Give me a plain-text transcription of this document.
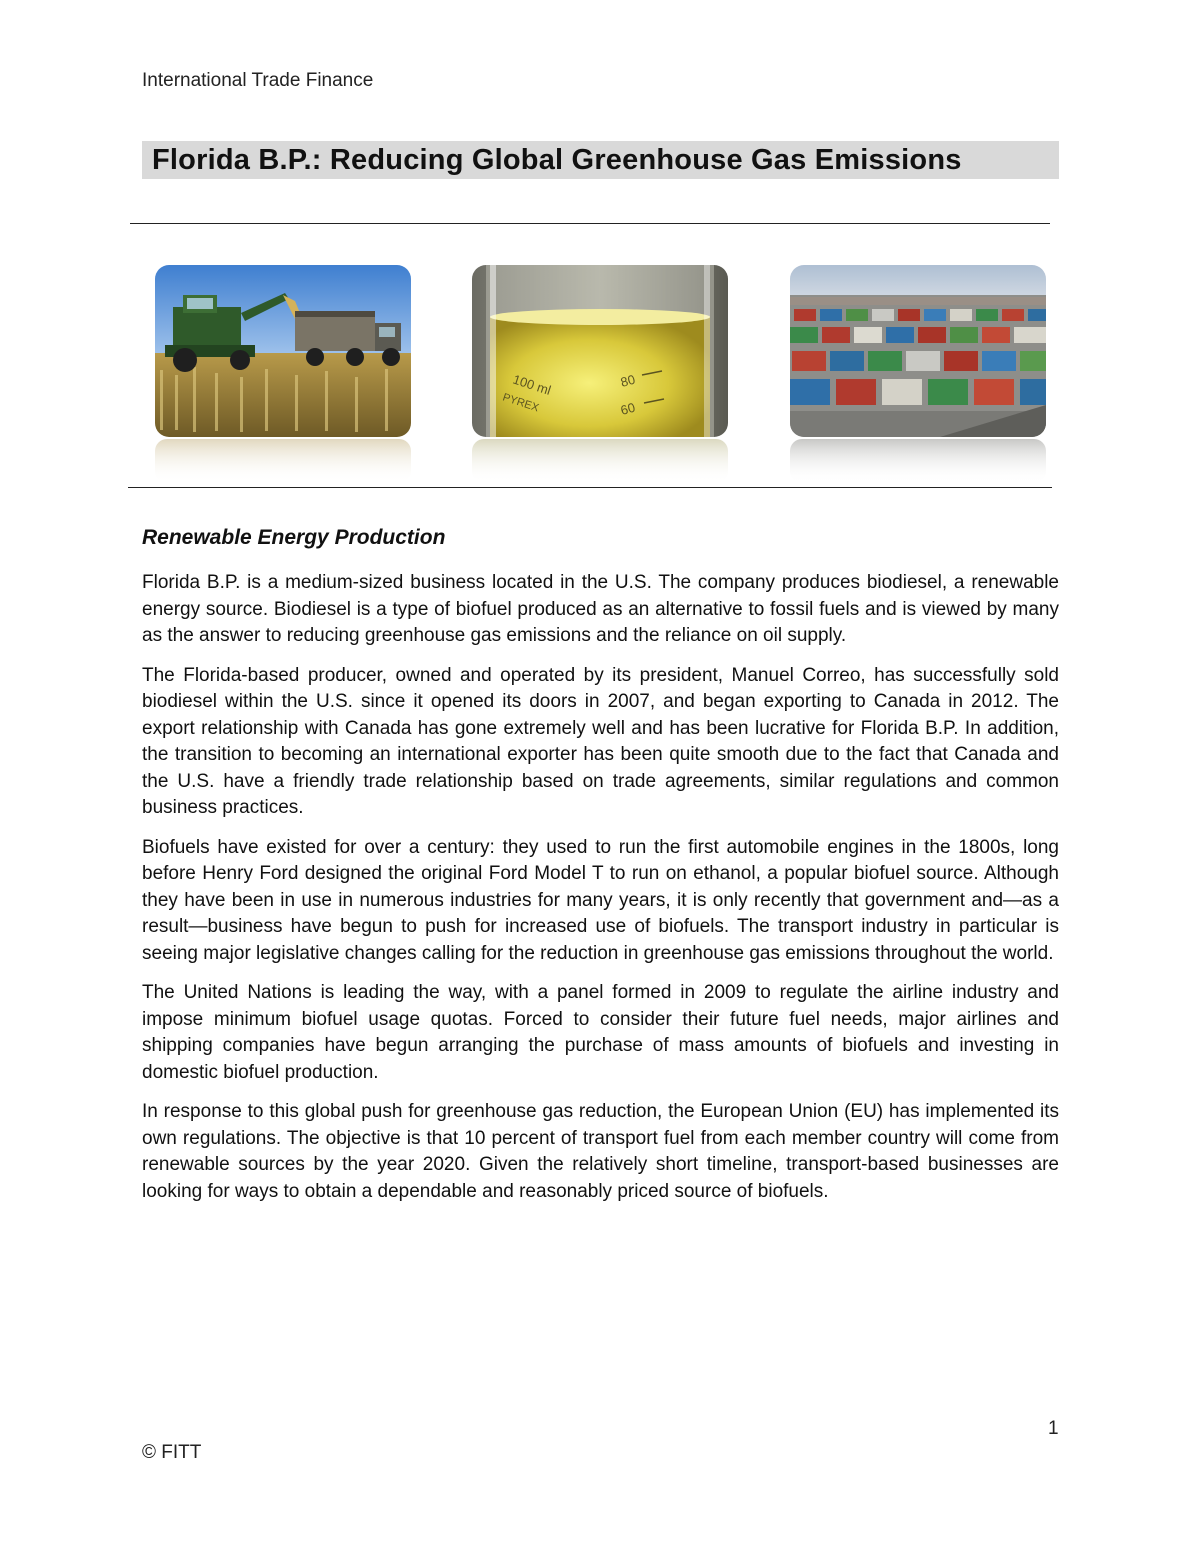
International Trade Finance
Florida B.P.: Reducing Global Greenhouse Gas Emissions
100 ml
PYREX
80
60
Renewable Energy Production

Florida B.P. is a medium-sized business located in the U.S. The company produces biodiesel, a renewable energy source. Biodiesel is a type of biofuel produced as an alternative to fossil fuels and is viewed by many as the answer to reducing greenhouse gas emissions and the reliance on oil supply.

The Florida-based producer, owned and operated by its president, Manuel Correo, has successfully sold biodiesel within the U.S. since it opened its doors in 2007, and began exporting to Canada in 2012. The export relationship with Canada has gone extremely well and has been lucrative for Florida B.P. In addition, the transition to becoming an international exporter has been quite smooth due to the fact that Canada and the U.S. have a friendly trade relationship based on trade agreements, similar regulations and common business practices.

Biofuels have existed for over a century: they used to run the first automobile engines in the 1800s, long before Henry Ford designed the original Ford Model T to run on ethanol, a popular biofuel source. Although they have been in use in numerous industries for many years, it is only recently that government and—as a result—business have begun to push for increased use of biofuels. The transport industry in particular is seeing major legislative changes calling for the reduction in greenhouse gas emissions throughout the world.

The United Nations is leading the way, with a panel formed in 2009 to regulate the airline industry and impose minimum biofuel usage quotas. Forced to consider their future fuel needs, major airlines and shipping companies have begun arranging the purchase of mass amounts of biofuels and investing in domestic biofuel production.

In response to this global push for greenhouse gas reduction, the European Union (EU) has implemented its own regulations. The objective is that 10 percent of transport fuel from each member country will come from renewable sources by the year 2020. Given the relatively short timeline, transport-based businesses are looking for ways to obtain a dependable and reasonably priced source of biofuels.

1
© FITT
